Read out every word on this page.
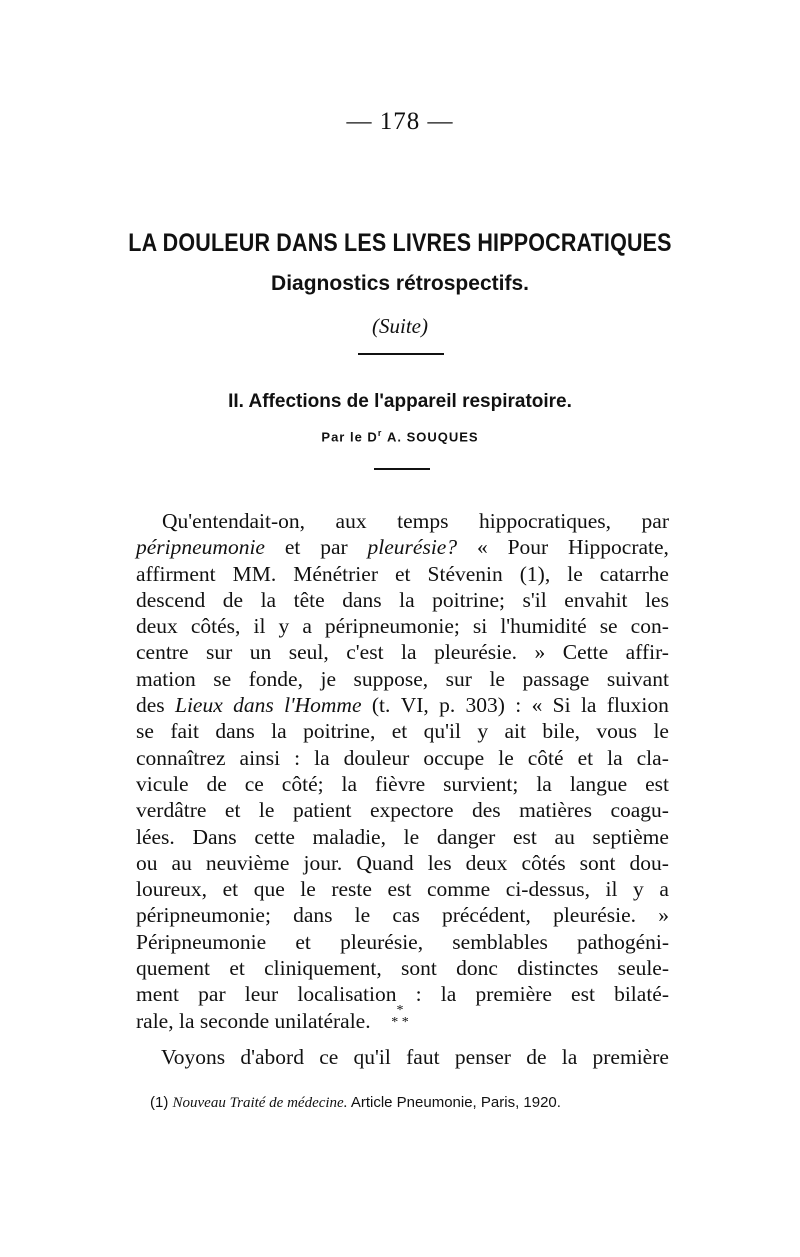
— 178 —
LA DOULEUR DANS LES LIVRES HIPPOCRATIQUES
Diagnostics rétrospectifs.
(Suite)
II. Affections de l'appareil respiratoire.
Par le $D^r$ A. SOUQUES
Qu'entendait-on, aux temps hippocratiques, par
péripneumonie et par pleurésie? « Pour Hippocrate,
affirment MM. Ménétrier et Stévenin (1), le catarrhe
descend de la tête dans la poitrine; s'il envahit les
deux côtés, il y a péripneumonie; si l'humidité se con-
centre sur un seul, c'est la pleurésie. » Cette affir-
mation se fonde, je suppose, sur le passage suivant
des Lieux dans l'Homme (t. VI, p. 303) : « Si la fluxion
se fait dans la poitrine, et qu'il y ait bile, vous le
connaîtrez ainsi : la douleur occupe le côté et la cla-
vicule de ce côté; la fièvre survient; la langue est
verdâtre et le patient expectore des matières coagu-
lées. Dans cette maladie, le danger est au septième
ou au neuvième jour. Quand les deux côtés sont dou-
loureux, et que le reste est comme ci-dessus, il y a
péripneumonie; dans le cas précédent, pleurésie. »
Péripneumonie et pleurésie, semblables pathogéni-
quement et cliniquement, sont donc distinctes seule-
ment par leur localisation : la première est bilaté-
rale, la seconde unilatérale.	*
* *
Voyons d'abord ce qu'il faut penser de la première
(1) Nouveau Traité de médecine. Article Pneumonie, Paris, 1920.
